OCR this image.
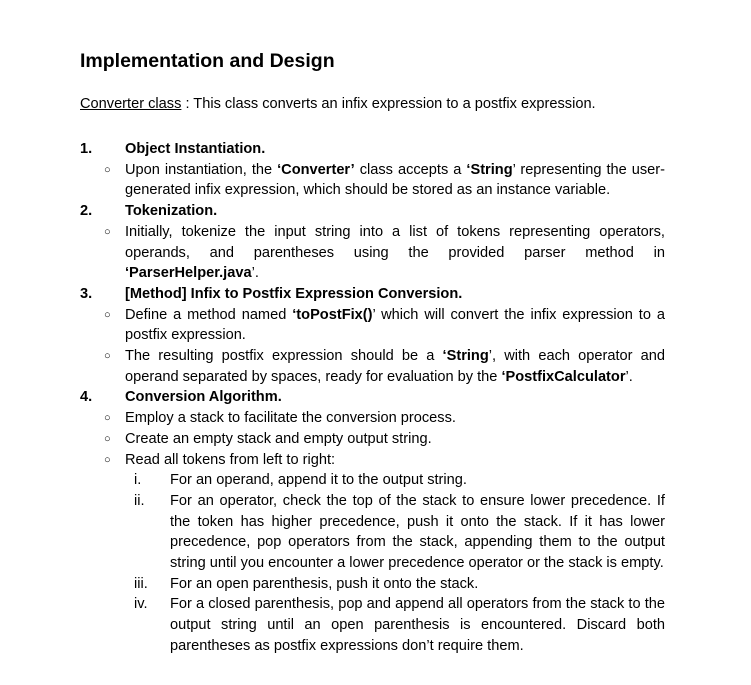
Implementation and Design

Converter class : This class converts an infix expression to a postfix expression.

1. Object Instantiation.
○ Upon instantiation, the ‘Converter’ class accepts a ‘String’ representing the user-generated infix expression, which should be stored as an instance variable.
2. Tokenization.
○ Initially, tokenize the input string into a list of tokens representing operators, operands, and parentheses using the provided parser method in ‘ParserHelper.java’.
3. [Method] Infix to Postfix Expression Conversion.
○ Define a method named ‘toPostFix()’ which will convert the infix expression to a postfix expression.
○ The resulting postfix expression should be a ‘String’, with each operator and operand separated by spaces, ready for evaluation by the ‘PostfixCalculator’.
4. Conversion Algorithm.
○ Employ a stack to facilitate the conversion process.
○ Create an empty stack and empty output string.
○ Read all tokens from left to right:
i. For an operand, append it to the output string.
ii. For an operator, check the top of the stack to ensure lower precedence. If the token has higher precedence, push it onto the stack. If it has lower precedence, pop operators from the stack, appending them to the output string until you encounter a lower precedence operator or the stack is empty.
iii. For an open parenthesis, push it onto the stack.
iv. For a closed parenthesis, pop and append all operators from the stack to the output string until an open parenthesis is encountered. Discard both parentheses as postfix expressions don’t require them.
